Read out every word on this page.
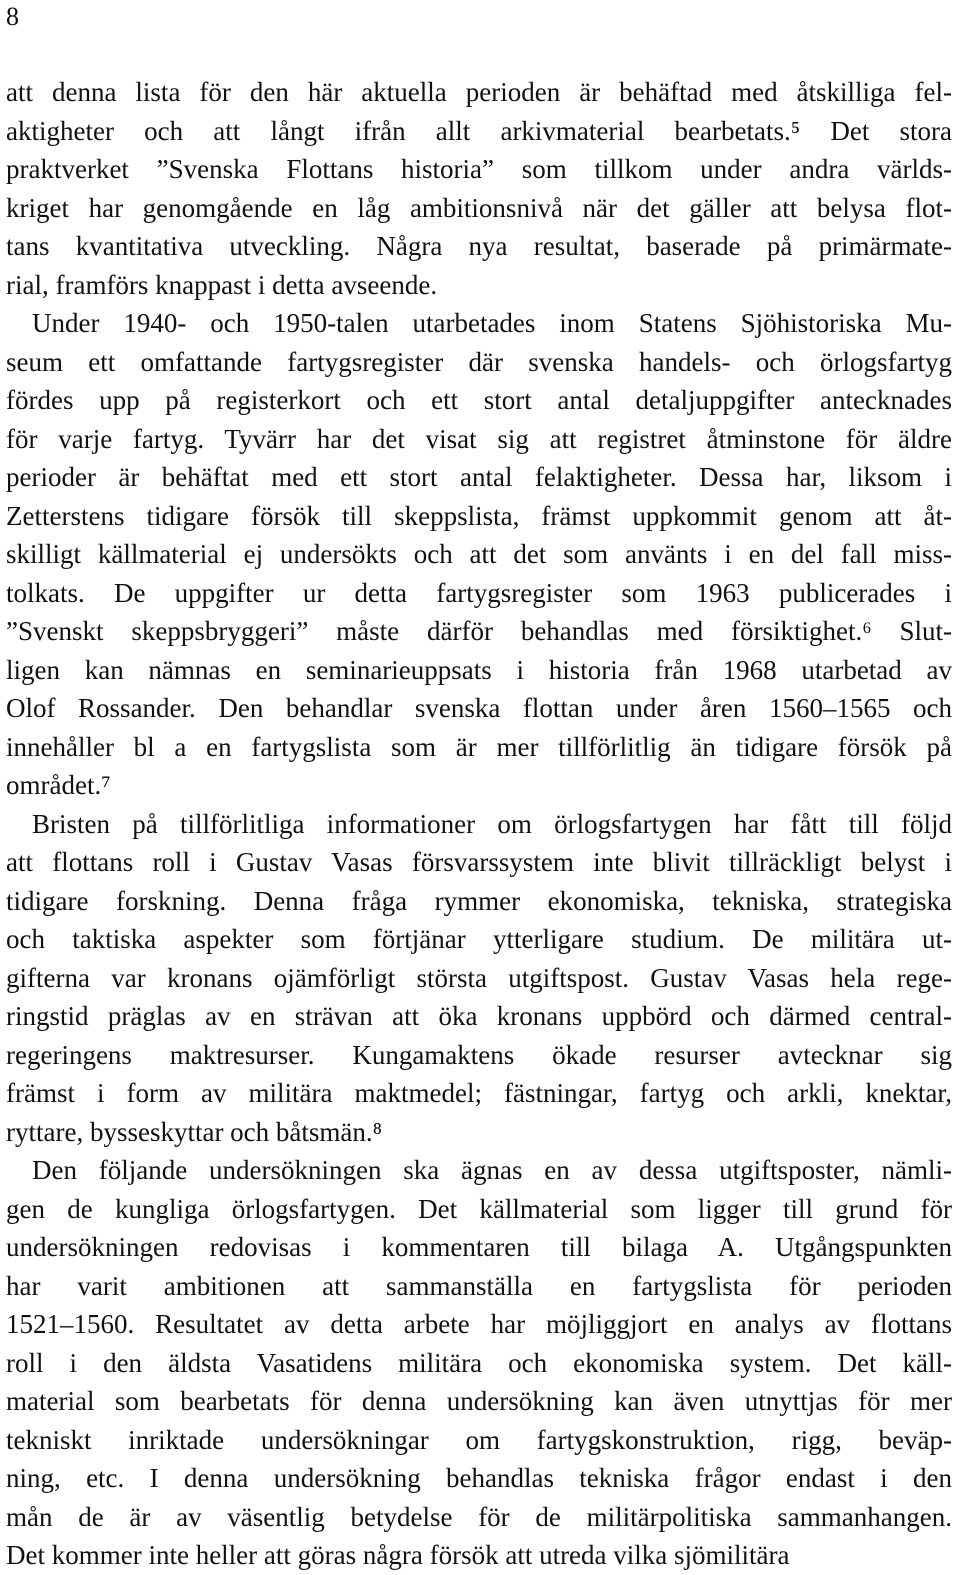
8

att denna lista för den här aktuella perioden är behäftad med åtskilliga fel-
aktigheter och att långt ifrån allt arkivmaterial bearbetats.⁵ Det stora
praktverket ”Svenska Flottans historia” som tillkom under andra världs-
kriget har genomgående en låg ambitionsnivå när det gäller att belysa flot-
tans kvantitativa utveckling. Några nya resultat, baserade på primärmate-
rial, framförs knappast i detta avseende.
Under 1940- och 1950-talen utarbetades inom Statens Sjöhistoriska Mu-
seum ett omfattande fartygsregister där svenska handels- och örlogsfartyg
fördes upp på registerkort och ett stort antal detaljuppgifter antecknades
för varje fartyg. Tyvärr har det visat sig att registret åtminstone för äldre
perioder är behäftat med ett stort antal felaktigheter. Dessa har, liksom i
Zetterstens tidigare försök till skeppslista, främst uppkommit genom att åt-
skilligt källmaterial ej undersökts och att det som använts i en del fall miss-
tolkats. De uppgifter ur detta fartygsregister som 1963 publicerades i
”Svenskt skeppsbryggeri” måste därför behandlas med försiktighet.⁶ Slut-
ligen kan nämnas en seminarieuppsats i historia från 1968 utarbetad av
Olof Rossander. Den behandlar svenska flottan under åren 1560–1565 och
innehåller bl a en fartygslista som är mer tillförlitlig än tidigare försök på
området.⁷
Bristen på tillförlitliga informationer om örlogsfartygen har fått till följd
att flottans roll i Gustav Vasas försvarssystem inte blivit tillräckligt belyst i
tidigare forskning. Denna fråga rymmer ekonomiska, tekniska, strategiska
och taktiska aspekter som förtjänar ytterligare studium. De militära ut-
gifterna var kronans ojämförligt största utgiftspost. Gustav Vasas hela rege-
ringstid präglas av en strävan att öka kronans uppbörd och därmed central-
regeringens maktresurser. Kungamaktens ökade resurser avtecknar sig
främst i form av militära maktmedel; fästningar, fartyg och arkli, knektar,
ryttare, bysseskyttar och båtsmän.⁸
Den följande undersökningen ska ägnas en av dessa utgiftsposter, nämli-
gen de kungliga örlogsfartygen. Det källmaterial som ligger till grund för
undersökningen redovisas i kommentaren till bilaga A. Utgångspunkten
har varit ambitionen att sammanställa en fartygslista för perioden
1521–1560. Resultatet av detta arbete har möjliggjort en analys av flottans
roll i den äldsta Vasatidens militära och ekonomiska system. Det käll-
material som bearbetats för denna undersökning kan även utnyttjas för mer
tekniskt inriktade undersökningar om fartygskonstruktion, rigg, beväp-
ning, etc. I denna undersökning behandlas tekniska frågor endast i den
mån de är av väsentlig betydelse för de militärpolitiska sammanhangen.
Det kommer inte heller att göras några försök att utreda vilka sjömilitära
